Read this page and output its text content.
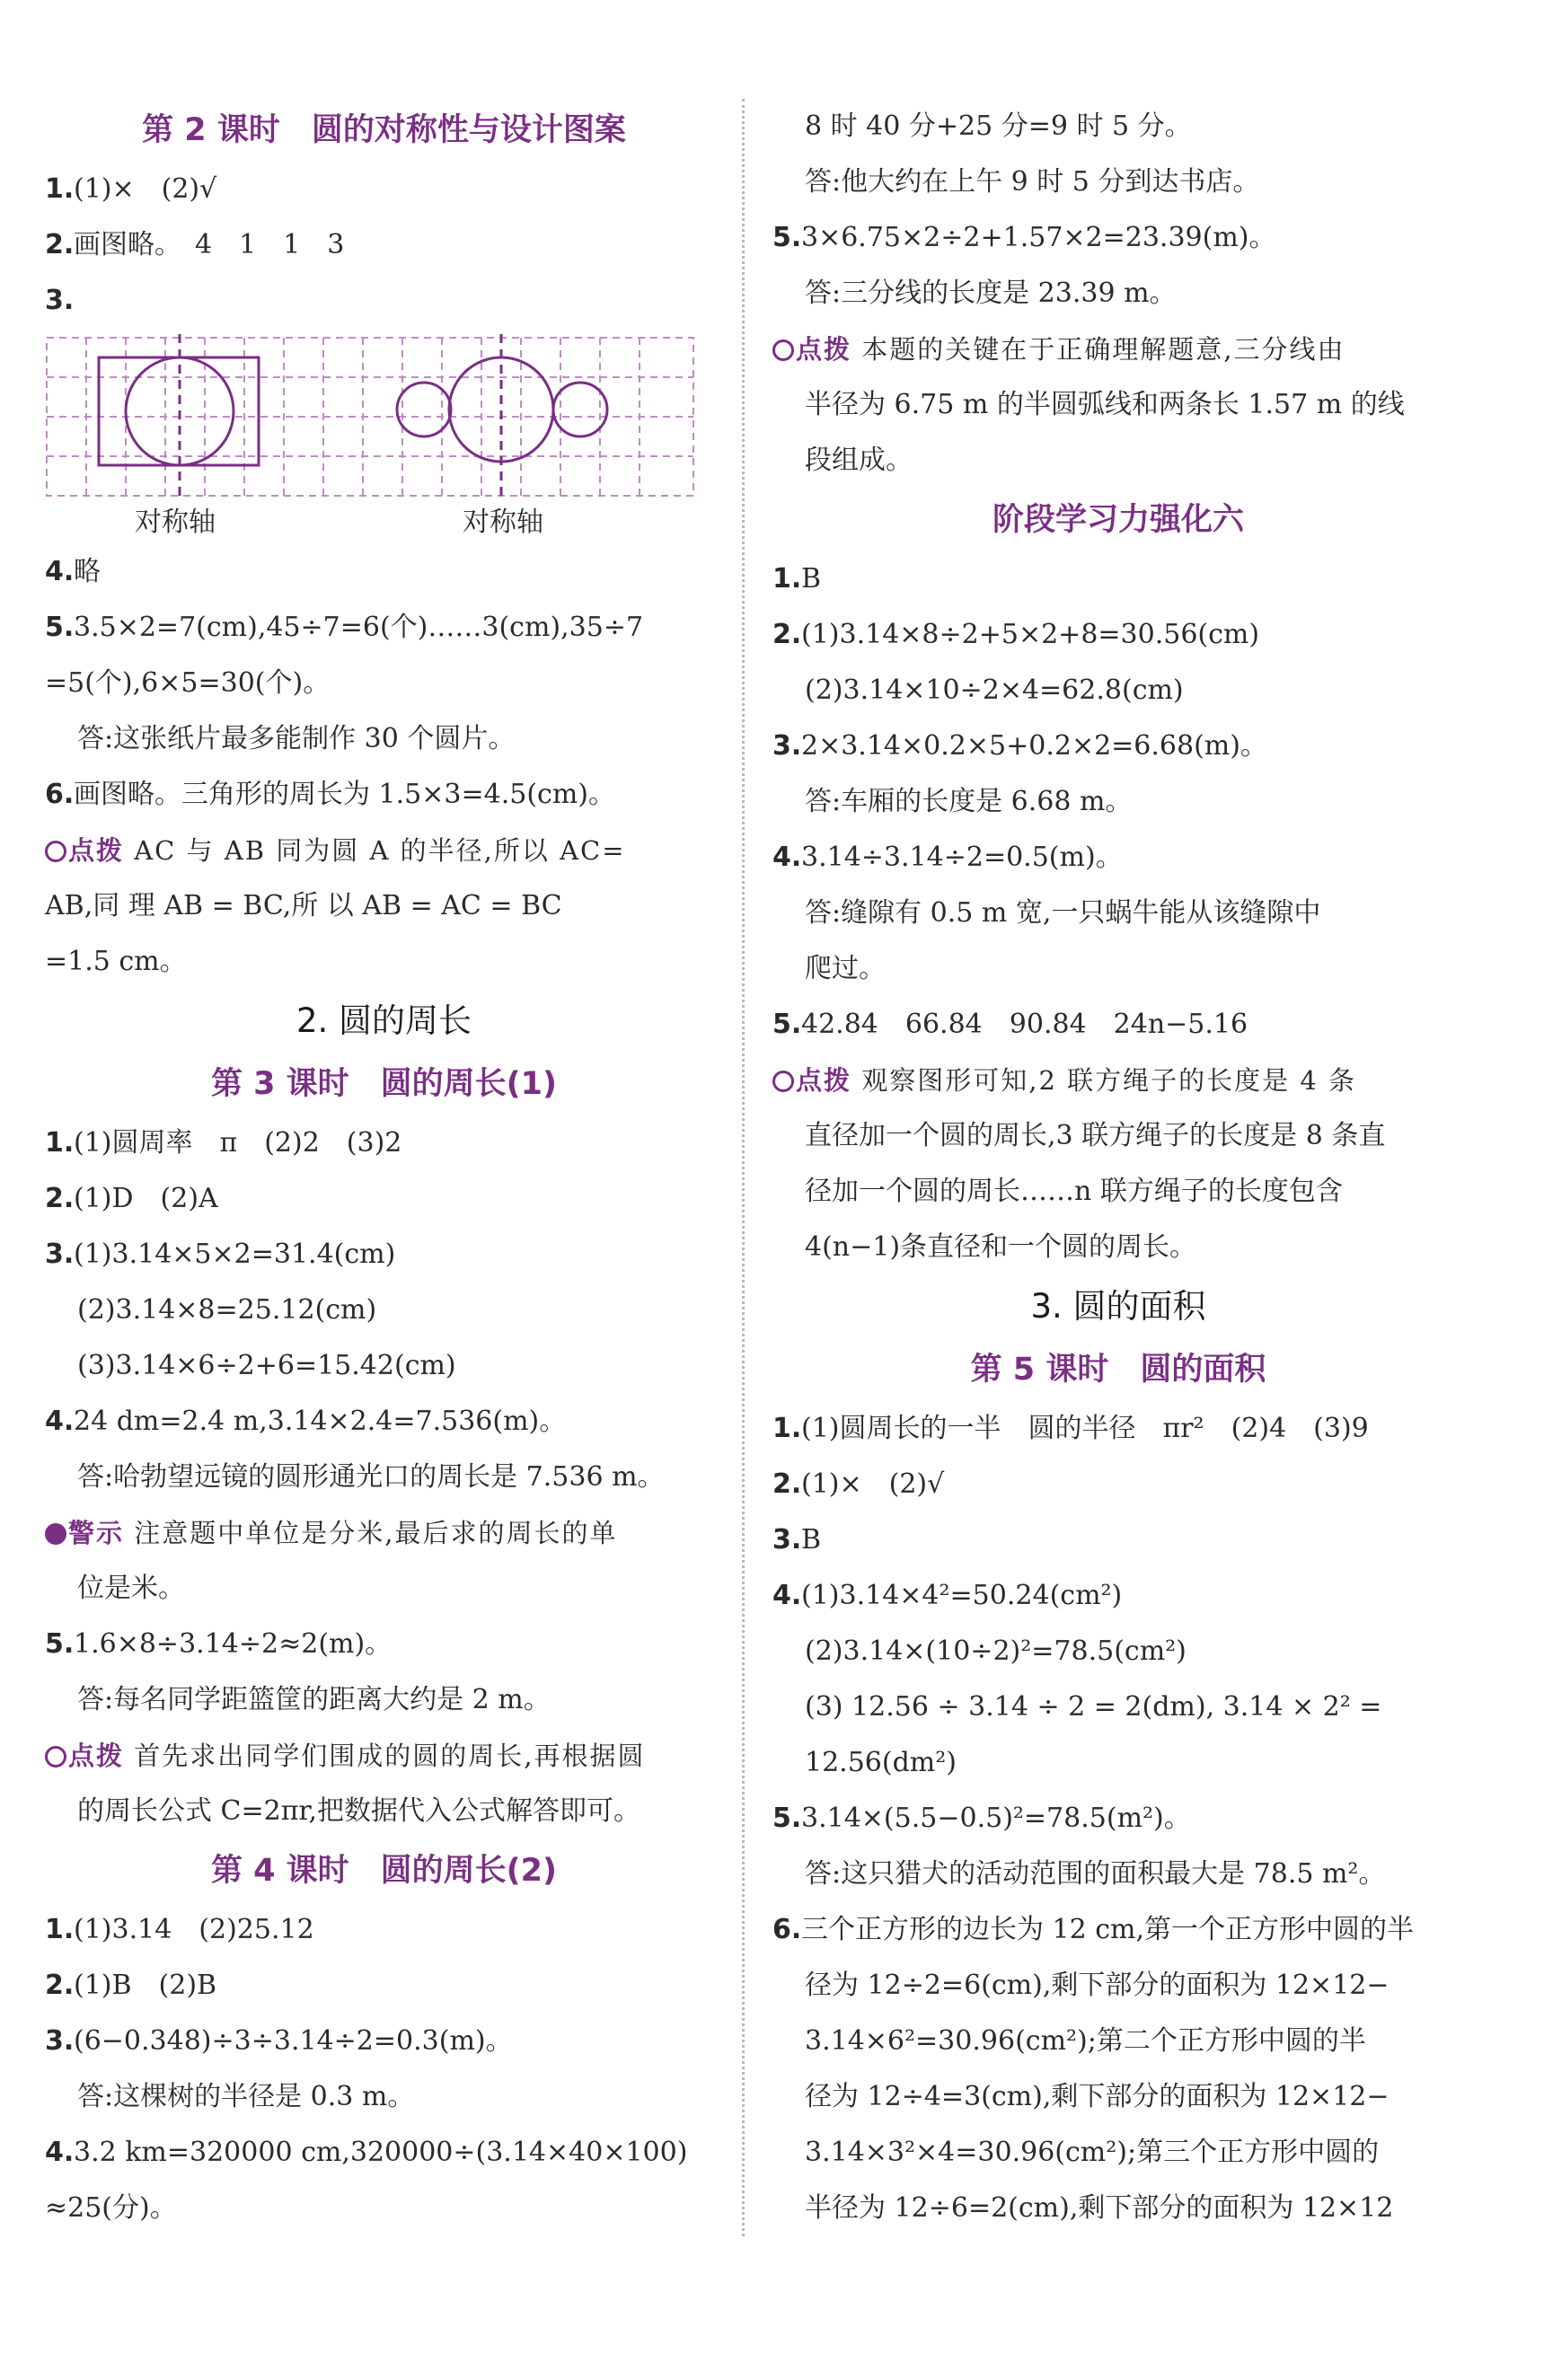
第 2 课时　圆的对称性与设计图案
1.(1)×　(2)√
2.画图略。　4　1　1　3
3.
对称轴	对称轴
4.略
5.3.5×2=7(cm),45÷7=6(个)……3(cm),35÷7
=5(个),6×5=30(个)。
答:这张纸片最多能制作 30 个圆片。
6.画图略。三角形的周长为 1.5×3=4.5(cm)。
点拨 AC 与 AB 同为圆 A 的半径,所以 AC=
AB,同 理 AB = BC,所 以 AB = AC = BC
=1.5 cm。
2. 圆的周长
第 3 课时　圆的周长(1)
1.(1)圆周率　π　(2)2　(3)2
2.(1)D　(2)A
3.(1)3.14×5×2=31.4(cm)
(2)3.14×8=25.12(cm)
(3)3.14×6÷2+6=15.42(cm)
4.24 dm=2.4 m,3.14×2.4=7.536(m)。
答:哈勃望远镜的圆形通光口的周长是 7.536 m。
警示 注意题中单位是分米,最后求的周长的单
位是米。
5.1.6×8÷3.14÷2≈2(m)。
答:每名同学距篮筐的距离大约是 2 m。
点拨 首先求出同学们围成的圆的周长,再根据圆
的周长公式 C=2πr,把数据代入公式解答即可。
第 4 课时　圆的周长(2)
1.(1)3.14　(2)25.12
2.(1)B　(2)B
3.(6−0.348)÷3÷3.14÷2=0.3(m)。
答:这棵树的半径是 0.3 m。
4.3.2 km=320000 cm,320000÷(3.14×40×100)
≈25(分)。
8 时 40 分+25 分=9 时 5 分。
答:他大约在上午 9 时 5 分到达书店。
5.3×6.75×2÷2+1.57×2=23.39(m)。
答:三分线的长度是 23.39 m。
点拨 本题的关键在于正确理解题意,三分线由
半径为 6.75 m 的半圆弧线和两条长 1.57 m 的线
段组成。
阶段学习力强化六
1.B
2.(1)3.14×8÷2+5×2+8=30.56(cm)
(2)3.14×10÷2×4=62.8(cm)
3.2×3.14×0.2×5+0.2×2=6.68(m)。
答:车厢的长度是 6.68 m。
4.3.14÷3.14÷2=0.5(m)。
答:缝隙有 0.5 m 宽,一只蜗牛能从该缝隙中
爬过。
5.42.84　66.84　90.84　24n−5.16
点拨 观察图形可知,2 联方绳子的长度是 4 条
直径加一个圆的周长,3 联方绳子的长度是 8 条直
径加一个圆的周长……n 联方绳子的长度包含
4(n−1)条直径和一个圆的周长。
3. 圆的面积
第 5 课时　圆的面积
1.(1)圆周长的一半　圆的半径　πr²　(2)4　(3)9
2.(1)×　(2)√
3.B
4.(1)3.14×4²=50.24(cm²)
(2)3.14×(10÷2)²=78.5(cm²)
(3) 12.56 ÷ 3.14 ÷ 2 = 2(dm), 3.14 × 2² =
12.56(dm²)
5.3.14×(5.5−0.5)²=78.5(m²)。
答:这只猎犬的活动范围的面积最大是 78.5 m²。
6.三个正方形的边长为 12 cm,第一个正方形中圆的半
径为 12÷2=6(cm),剩下部分的面积为 12×12−
3.14×6²=30.96(cm²);第二个正方形中圆的半
径为 12÷4=3(cm),剩下部分的面积为 12×12−
3.14×3²×4=30.96(cm²);第三个正方形中圆的
半径为 12÷6=2(cm),剩下部分的面积为 12×12
